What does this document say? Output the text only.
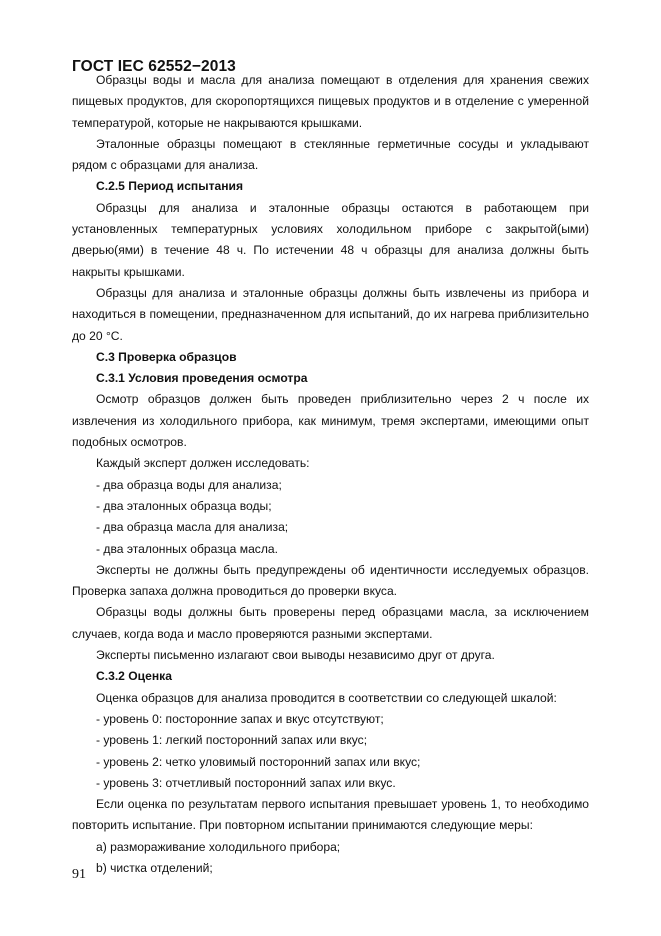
ГОСТ IEC 62552−2013

Образцы воды и масла для анализа помещают в отделения для хранения свежих пищевых продуктов, для скоропортящихся пищевых продуктов и в отделение с умеренной температурой, которые не накрываются крышками.

Эталонные образцы помещают в стеклянные герметичные сосуды и укладывают рядом с образцами для анализа.

С.2.5 Период испытания

Образцы для анализа и эталонные образцы остаются в работающем при установленных температурных условиях холодильном приборе с закрытой(ыми) дверью(ями) в течение 48 ч. По истечении 48 ч образцы для анализа должны быть накрыты крышками.

Образцы для анализа и эталонные образцы должны быть извлечены из прибора и находиться в помещении, предназначенном для испытаний, до их нагрева приблизительно до 20 °С.

С.3 Проверка образцов

С.3.1 Условия проведения осмотра

Осмотр образцов должен быть проведен приблизительно через 2 ч после их извлечения из холодильного прибора, как минимум, тремя экспертами, имеющими опыт подобных осмотров.

Каждый эксперт должен исследовать:

- два образца воды для анализа;

- два эталонных образца воды;

- два образца масла для анализа;

- два эталонных образца масла.

Эксперты не должны быть предупреждены об идентичности исследуемых образцов. Проверка запаха должна проводиться до проверки вкуса.

Образцы воды должны быть проверены перед образцами масла, за исключением случаев, когда вода и масло проверяются разными экспертами.

Эксперты письменно излагают свои выводы независимо друг от друга.

С.3.2 Оценка

Оценка образцов для анализа проводится в соответствии со следующей шкалой:

- уровень 0: посторонние запах и вкус отсутствуют;

- уровень 1: легкий посторонний запах или вкус;

- уровень 2: четко уловимый посторонний запах или вкус;

- уровень 3: отчетливый посторонний запах или вкус.

Если оценка по результатам первого испытания превышает уровень 1, то необходимо повторить испытание. При повторном испытании принимаются следующие меры:

а) размораживание холодильного прибора;

b) чистка отделений;

91
